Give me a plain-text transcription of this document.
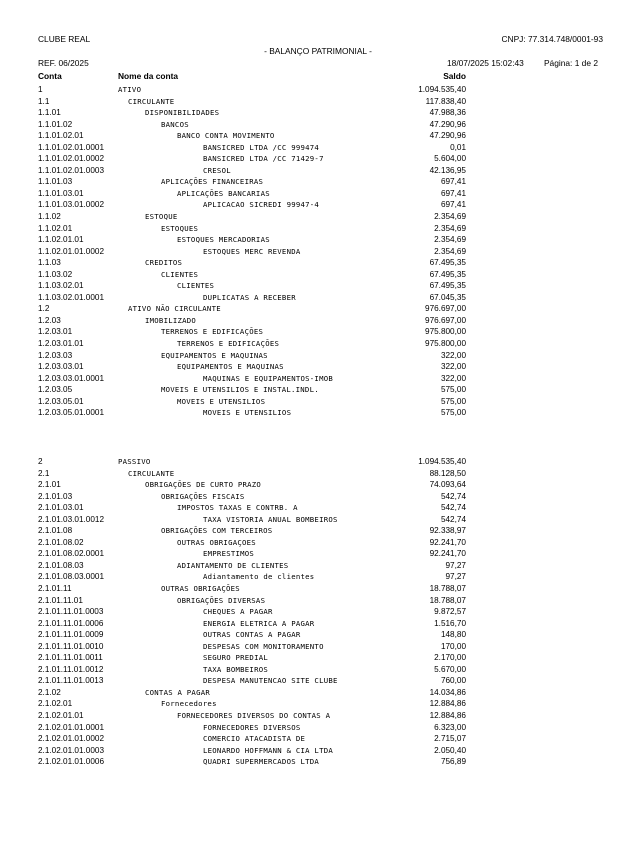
CLUBE REAL	CNPJ: 77.314.748/0001-93
- BALANÇO PATRIMONIAL -
REF. 06/2025	18/07/2025 15:02:43 Página: 1 de 2
Conta	Nome da conta	Saldo
1	ATIVO	1.094.535,40
1.1	CIRCULANTE	117.838,40
1.1.01	DISPONIBILIDADES	47.988,36
1.1.01.02	BANCOS	47.290,96
1.1.01.02.01	BANCO CONTA MOVIMENTO	47.290,96
1.1.01.02.01.0001	BANSICRED LTDA /CC 999474	0,01
1.1.01.02.01.0002	BANSICRED LTDA /CC 71429-7	5.604,00
1.1.01.02.01.0003	CRESOL	42.136,95
1.1.01.03	APLICAÇÕES FINANCEIRAS	697,41
1.1.01.03.01	APLICAÇÕES BANCARIAS	697,41
1.1.01.03.01.0002	APLICACAO SICREDI 99947-4	697,41
1.1.02	ESTOQUE	2.354,69
1.1.02.01	ESTOQUES	2.354,69
1.1.02.01.01	ESTOQUES MERCADORIAS	2.354,69
1.1.02.01.01.0002	ESTOQUES MERC REVENDA	2.354,69
1.1.03	CREDITOS	67.495,35
1.1.03.02	CLIENTES	67.495,35
1.1.03.02.01	CLIENTES	67.495,35
1.1.03.02.01.0001	DUPLICATAS A RECEBER	67.045,35
1.2	ATIVO NÃO CIRCULANTE	976.697,00
1.2.03	IMOBILIZADO	976.697,00
1.2.03.01	TERRENOS E EDIFICAÇÕES	975.800,00
1.2.03.01.01	TERRENOS E EDIFICAÇÕES	975.800,00
1.2.03.03	EQUIPAMENTOS E MAQUINAS	322,00
1.2.03.03.01	EQUIPAMENTOS E MAQUINAS	322,00
1.2.03.03.01.0001	MAQUINAS E EQUIPAMENTOS-IMOB	322,00
1.2.03.05	MOVEIS E UTENSILIOS E INSTAL.INDL.	575,00
1.2.03.05.01	MOVEIS E UTENSILIOS	575,00
1.2.03.05.01.0001	MOVEIS E UTENSILIOS	575,00
2	PASSIVO	1.094.535,40
2.1	CIRCULANTE	88.128,50
2.1.01	OBRIGAÇÕES DE CURTO PRAZO	74.093,64
2.1.01.03	OBRIGAÇÕES FISCAIS	542,74
2.1.01.03.01	IMPOSTOS TAXAS E CONTRB. A	542,74
2.1.01.03.01.0012	TAXA VISTORIA ANUAL BOMBEIROS	542,74
2.1.01.08	OBRIGAÇÕES COM TERCEIROS	92.338,97
2.1.01.08.02	OUTRAS OBRIGAÇOES	92.241,70
2.1.01.08.02.0001	EMPRESTIMOS	92.241,70
2.1.01.08.03	ADIANTAMENTO DE CLIENTES	97,27
2.1.01.08.03.0001	Adiantamento de clientes	97,27
2.1.01.11	OUTRAS OBRIGAÇÕES	18.788,07
2.1.01.11.01	OBRIGAÇÕES DIVERSAS	18.788,07
2.1.01.11.01.0003	CHEQUES A PAGAR	9.872,57
2.1.01.11.01.0006	ENERGIA ELETRICA A PAGAR	1.516,70
2.1.01.11.01.0009	OUTRAS CONTAS A PAGAR	148,80
2.1.01.11.01.0010	DESPESAS COM MONITORAMENTO	170,00
2.1.01.11.01.0011	SEGURO PREDIAL	2.170,00
2.1.01.11.01.0012	TAXA BOMBEIROS	5.670,00
2.1.01.11.01.0013	DESPESA MANUTENCAO SITE CLUBE	760,00
2.1.02	CONTAS A PAGAR	14.034,86
2.1.02.01	Fornecedores	12.884,86
2.1.02.01.01	FORNECEDORES DIVERSOS DO CONTAS A	12.884,86
2.1.02.01.01.0001	FORNECEDORES DIVERSOS	6.323,00
2.1.02.01.01.0002	COMERCIO ATACADISTA DE	2.715,07
2.1.02.01.01.0003	LEONARDO HOFFMANN & CIA LTDA	2.050,40
2.1.02.01.01.0006	QUADRI SUPERMERCADOS LTDA	756,89
